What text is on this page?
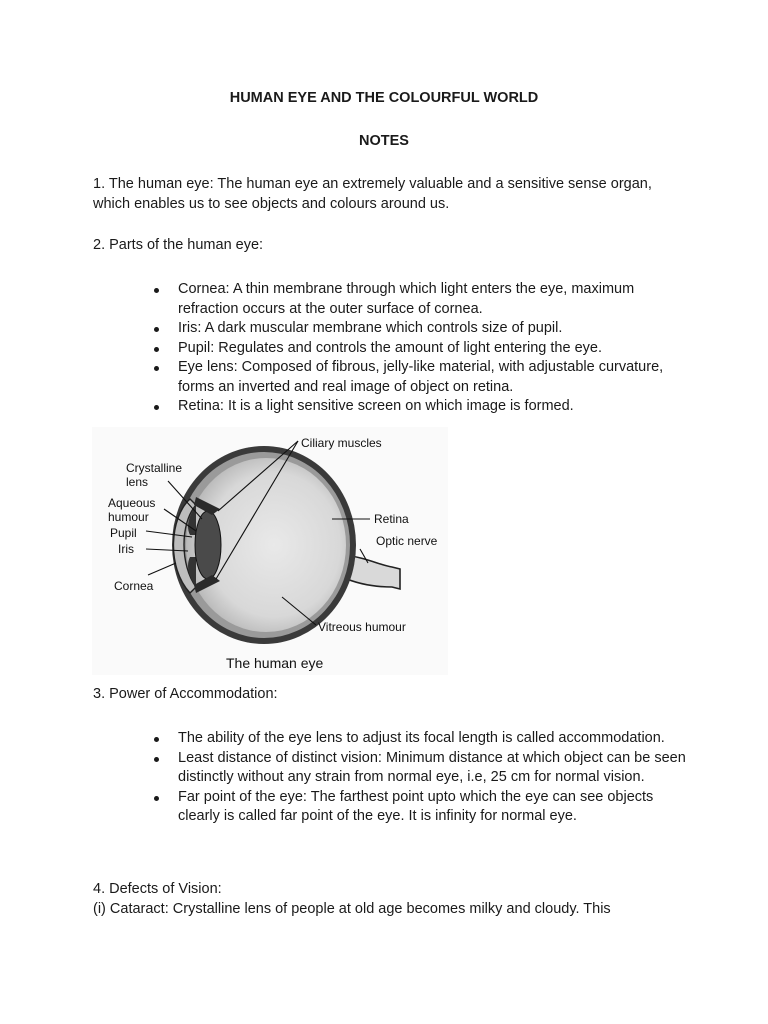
HUMAN EYE AND THE COLOURFUL WORLD
NOTES
1. The human eye: The human eye an extremely valuable and a sensitive sense organ, which enables us to see objects and colours around us.
2. Parts of the human eye:
Cornea: A thin membrane through which light enters the eye, maximum refraction occurs at the outer surface of cornea.
Iris: A dark muscular membrane which controls size of pupil.
Pupil: Regulates and controls the amount of light entering the eye.
Eye lens: Composed of fibrous, jelly-like material, with adjustable curvature, forms an inverted and real image of object on retina.
Retina: It is a light sensitive screen on which image is formed.
Ciliary muscles
Crystalline
lens
Aqueous
humour
Pupil
Iris
Cornea
Retina
Optic nerve
Vitreous humour
The human eye
3. Power of Accommodation:
The ability of the eye lens to adjust its focal length is called accommodation.
Least distance of distinct vision: Minimum distance at which object can be seen distinctly without any strain from normal eye, i.e, 25 cm for normal vision.
Far point of the eye: The farthest point upto which the eye can see objects clearly is called far point of the eye. It is infinity for normal eye.
4. Defects of Vision:
(i) Cataract: Crystalline lens of people at old age becomes milky and cloudy. This
